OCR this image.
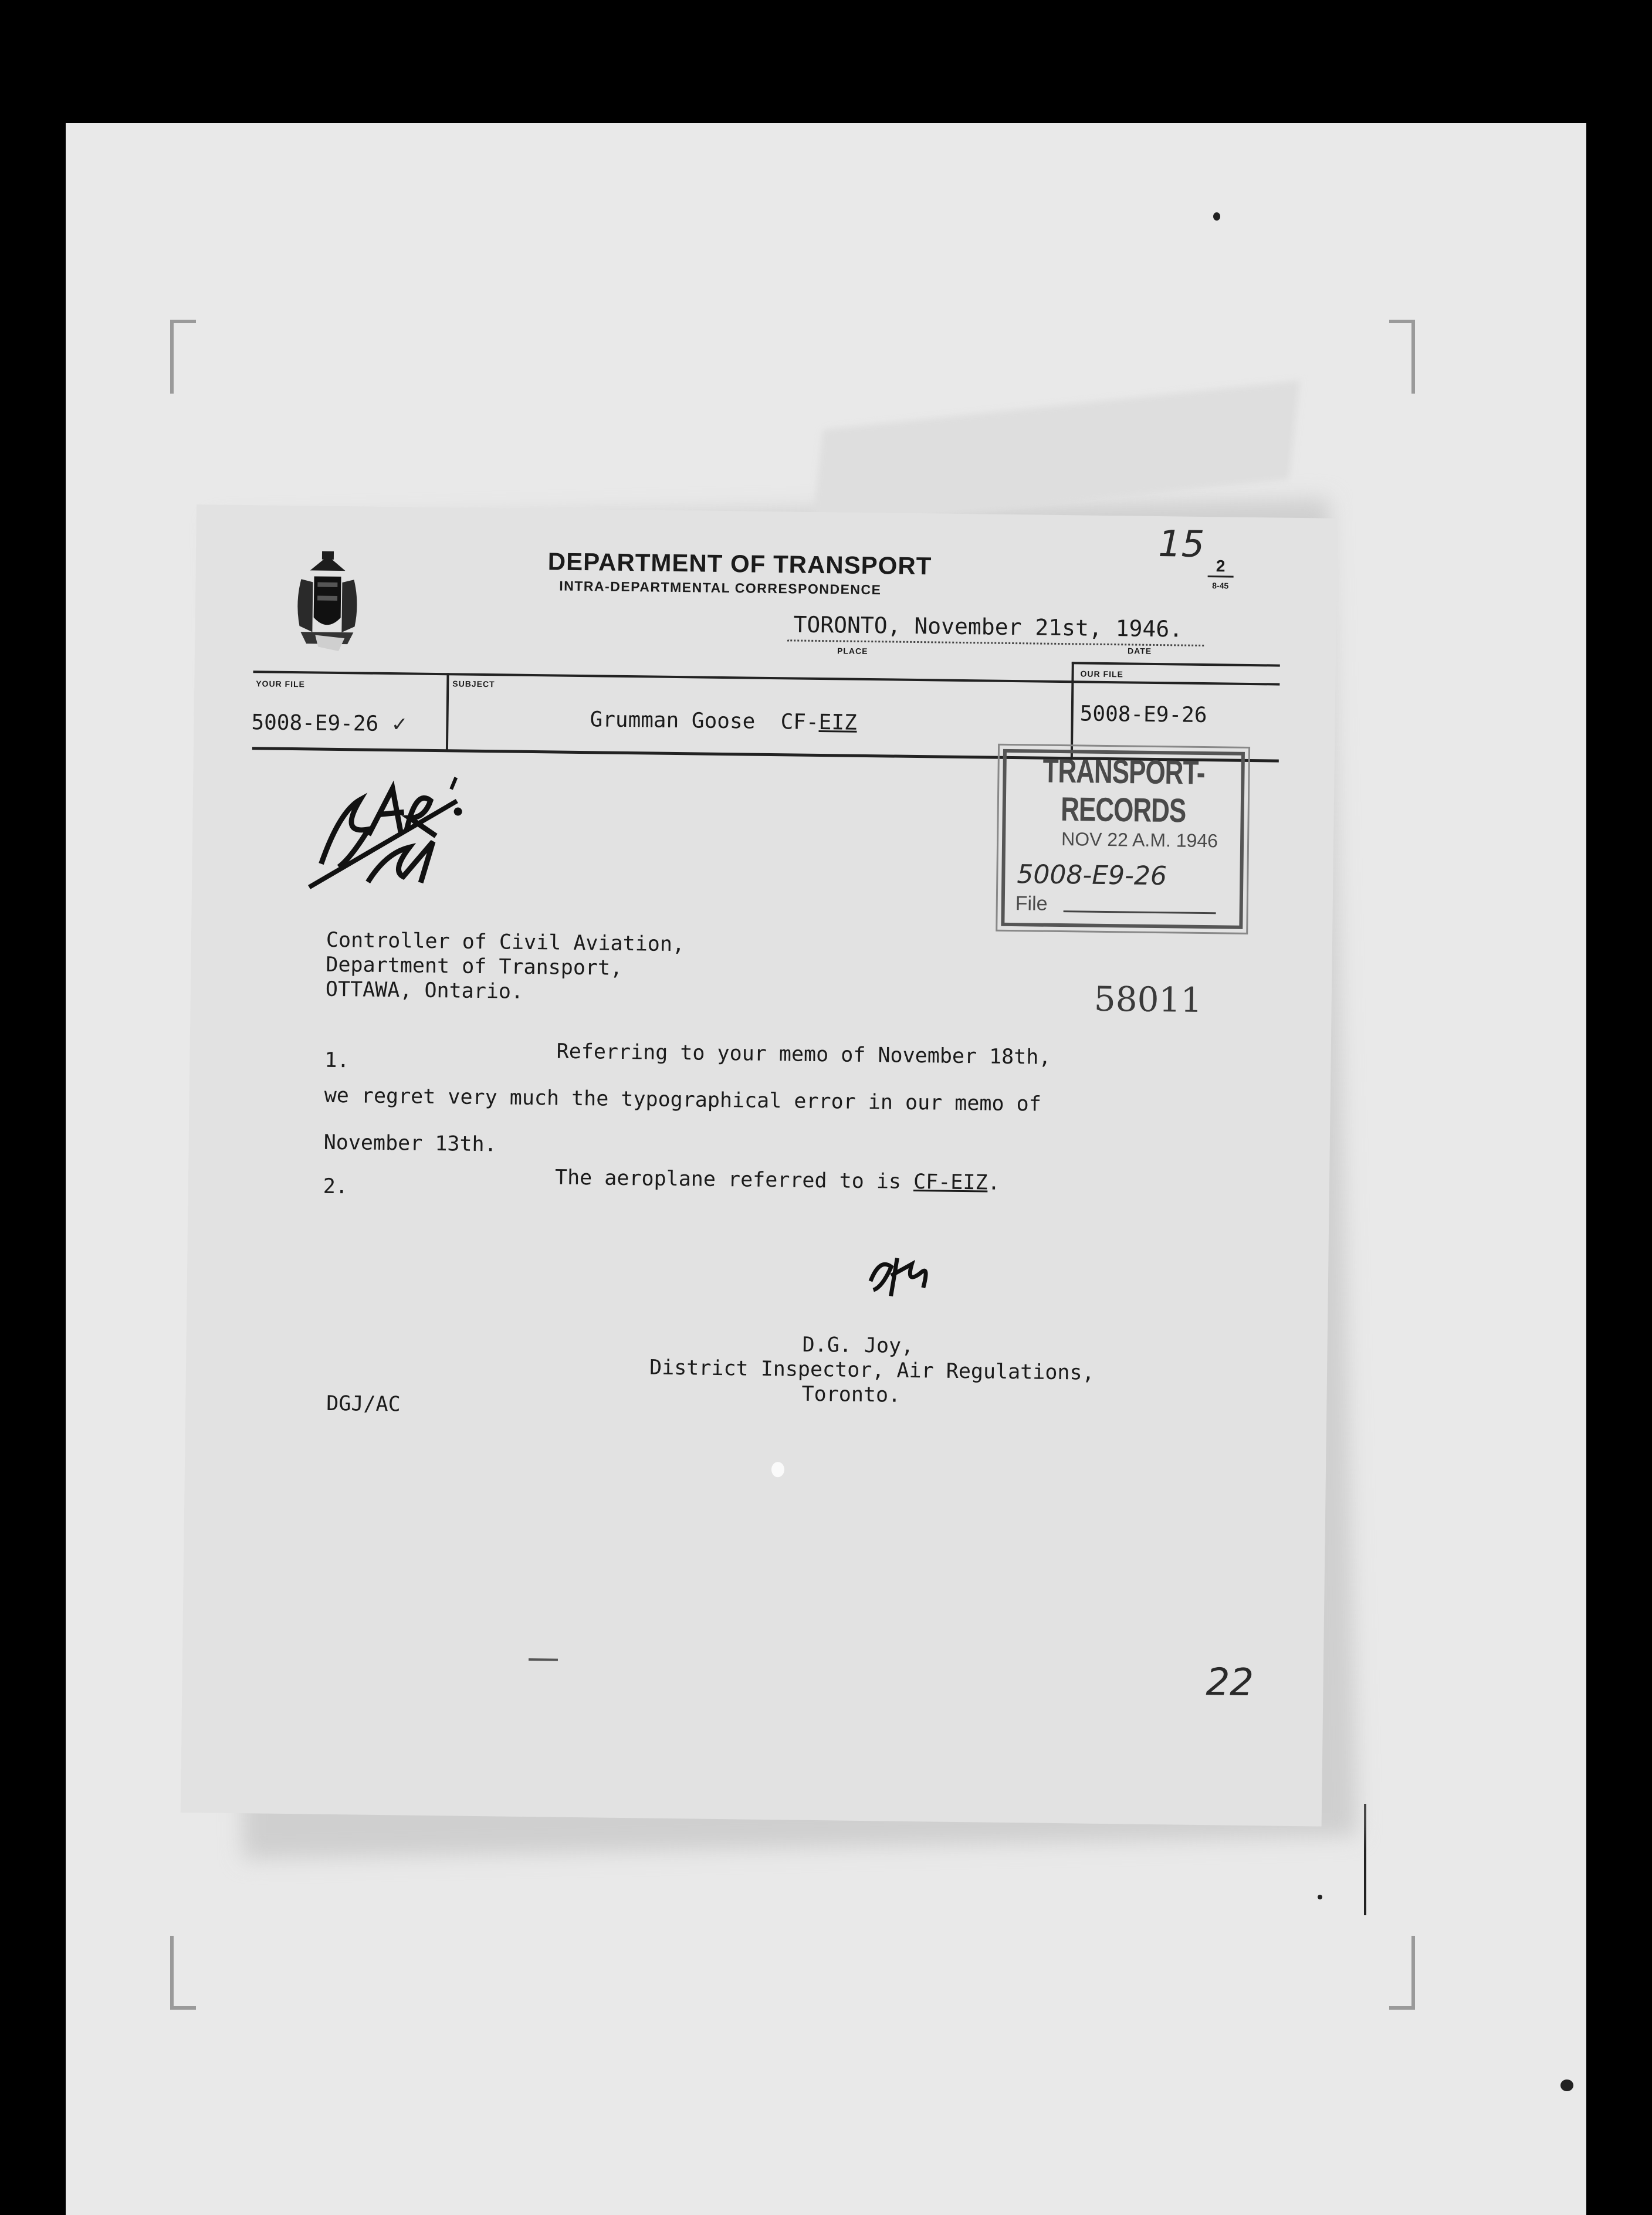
DEPARTMENT OF TRANSPORT
INTRA-DEPARTMENTAL CORRESPONDENCE
2
8-45
15
TORONTO, November 21st, 1946.
PLACE	DATE
YOUR FILE
5008-E9-26 ✓
SUBJECT
Grumman Goose  CF-EIZ
OUR FILE
5008-E9-26
TRANSPORT-RECORDS
NOV 22 A.M. 1946
5008-E9-26
File
Controller of Civil Aviation,
Department of Transport,
OTTAWA, Ontario.	58011
1.	Referring to your memo of November 18th,
we regret very much the typographical error in our memo of
November 13th.
2.	The aeroplane referred to is CF-EIZ.
D.G. Joy,
District Inspector, Air Regulations,
Toronto.
DGJ/AC
22
